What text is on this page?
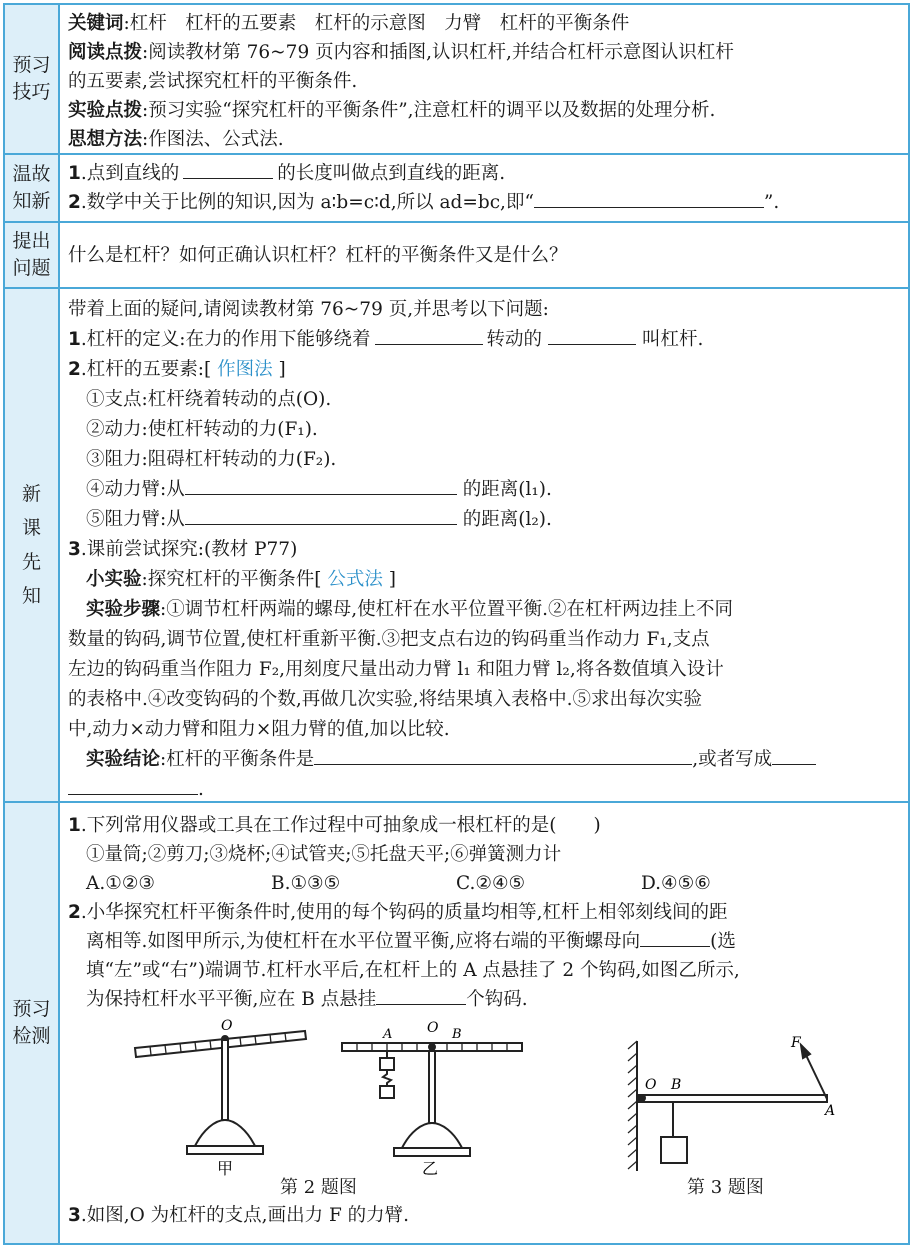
预习技巧

关键词:杠杆　杠杆的五要素　杠杆的示意图　力臂　杠杆的平衡条件

阅读点拨:阅读教材第 76~79 页内容和插图,认识杠杆,并结合杠杆示意图认识杠杆

的五要素,尝试探究杠杆的平衡条件.

实验点拨:预习实验“探究杠杆的平衡条件”,注意杠杆的调平以及数据的处理分析.

思想方法:作图法、公式法.

温故知新

1.点到直线的	的长度叫做点到直线的距离.

2.数学中关于比例的知识,因为 a∶b=c∶d,所以 ad=bc,即“	”.

提出问题

什么是杠杆？如何正确认识杠杆？杠杆的平衡条件又是什么？

新课先知

带着上面的疑问,请阅读教材第 76~79 页,并思考以下问题:

1.杠杆的定义:在力的作用下能够绕着	转动的	叫杠杆.

2.杠杆的五要素:[ 作图法 ]

①支点:杠杆绕着转动的点(O).

②动力:使杠杆转动的力(F₁).

③阻力:阻碍杠杆转动的力(F₂).

④动力臂:从	的距离(l₁).

⑤阻力臂:从	的距离(l₂).

3.课前尝试探究:(教材 P77)

小实验:探究杠杆的平衡条件[ 公式法 ]

实验步骤:①调节杠杆两端的螺母,使杠杆在水平位置平衡.②在杠杆两边挂上不同

数量的钩码,调节位置,使杠杆重新平衡.③把支点右边的钩码重当作动力 F₁,支点

左边的钩码重当作阻力 F₂,用刻度尺量出动力臂 l₁ 和阻力臂 l₂,将各数值填入设计

的表格中.④改变钩码的个数,再做几次实验,将结果填入表格中.⑤求出每次实验

中,动力×动力臂和阻力×阻力臂的值,加以比较.

实验结论:杠杆的平衡条件是	,或者写成

.

预习检测

1.下列常用仪器或工具在工作过程中可抽象成一根杠杆的是(　　)

①量筒;②剪刀;③烧杯;④试管夹;⑤托盘天平;⑥弹簧测力计

A.①②③	B.①③⑤	C.②④⑤	D.④⑤⑥

2.小华探究杠杆平衡条件时,使用的每个钩码的质量均相等,杠杆上相邻刻线间的距

离相等.如图甲所示,为使杠杆在水平位置平衡,应将右端的平衡螺母向	(选

填“左”或“右”)端调节.杠杆水平后,在杠杆上的 A 点悬挂了 2 个钩码,如图乙所示,

为保持杠杆水平平衡,应在 B 点悬挂	个钩码.

O
甲
A O B
乙
第 2 题图
O B
A
F
第 3 题图

3.如图,O 为杠杆的支点,画出力 F 的力臂.
